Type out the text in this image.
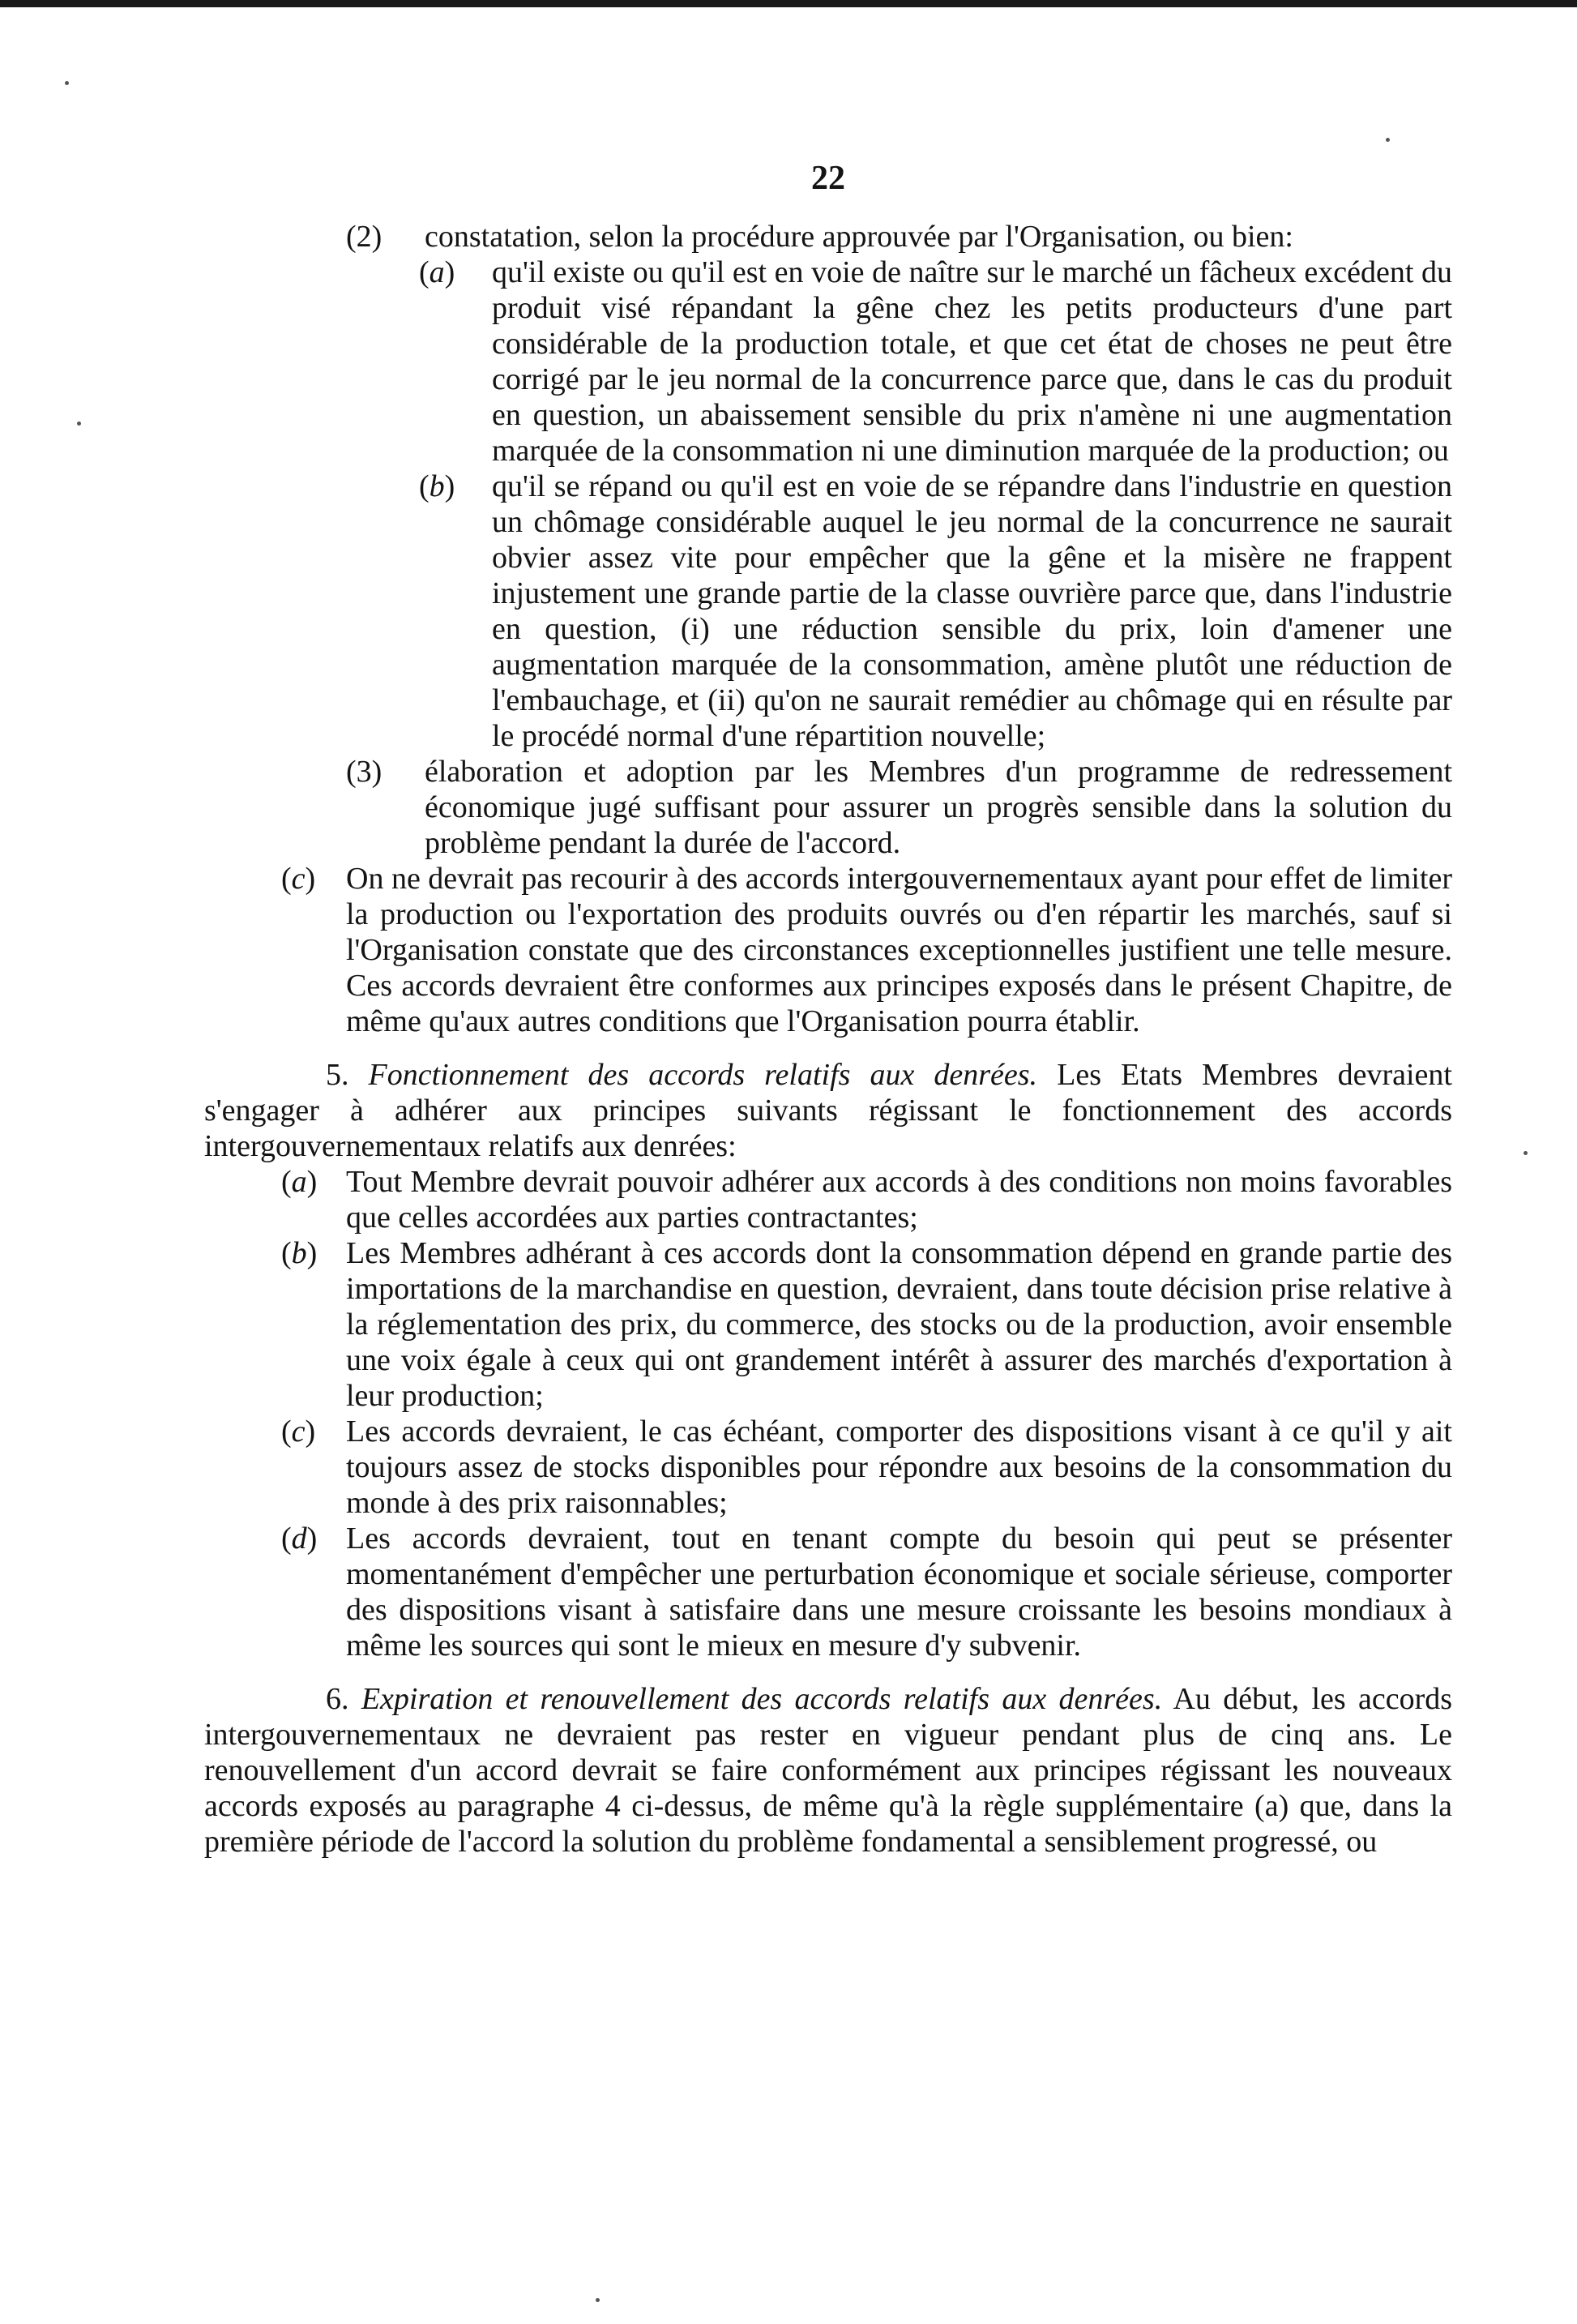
22
(2) constatation, selon la procédure approuvée par l'Organisation, ou bien:
(a) qu'il existe ou qu'il est en voie de naître sur le marché un fâcheux excédent du produit visé répandant la gêne chez les petits producteurs d'une part considérable de la production totale, et que cet état de choses ne peut être corrigé par le jeu normal de la concurrence parce que, dans le cas du produit en question, un abaissement sensible du prix n'amène ni une augmentation marquée de la consommation ni une diminution marquée de la production; ou
(b) qu'il se répand ou qu'il est en voie de se répandre dans l'industrie en question un chômage considérable auquel le jeu normal de la concurrence ne saurait obvier assez vite pour empêcher que la gêne et la misère ne frappent injustement une grande partie de la classe ouvrière parce que, dans l'industrie en question, (i) une réduction sensible du prix, loin d'amener une augmentation marquée de la consommation, amène plutôt une réduction de l'embauchage, et (ii) qu'on ne saurait remédier au chômage qui en résulte par le procédé normal d'une répartition nouvelle;
(3) élaboration et adoption par les Membres d'un programme de redressement économique jugé suffisant pour assurer un progrès sensible dans la solution du problème pendant la durée de l'accord.
(c) On ne devrait pas recourir à des accords intergouvernementaux ayant pour effet de limiter la production ou l'exportation des produits ouvrés ou d'en répartir les marchés, sauf si l'Organisation constate que des circonstances exceptionnelles justifient une telle mesure. Ces accords devraient être conformes aux principes exposés dans le présent Chapitre, de même qu'aux autres conditions que l'Organisation pourra établir.
5. Fonctionnement des accords relatifs aux denrées. Les Etats Membres devraient s'engager à adhérer aux principes suivants régissant le fonctionnement des accords intergouvernementaux relatifs aux denrées:
(a) Tout Membre devrait pouvoir adhérer aux accords à des conditions non moins favorables que celles accordées aux parties contractantes;
(b) Les Membres adhérant à ces accords dont la consommation dépend en grande partie des importations de la marchandise en question, devraient, dans toute décision prise relative à la réglementation des prix, du commerce, des stocks ou de la production, avoir ensemble une voix égale à ceux qui ont grandement intérêt à assurer des marchés d'exportation à leur production;
(c) Les accords devraient, le cas échéant, comporter des dispositions visant à ce qu'il y ait toujours assez de stocks disponibles pour répondre aux besoins de la consommation du monde à des prix raisonnables;
(d) Les accords devraient, tout en tenant compte du besoin qui peut se présenter momentanément d'empêcher une perturbation économique et sociale sérieuse, comporter des dispositions visant à satisfaire dans une mesure croissante les besoins mondiaux à même les sources qui sont le mieux en mesure d'y subvenir.
6. Expiration et renouvellement des accords relatifs aux denrées. Au début, les accords intergouvernementaux ne devraient pas rester en vigueur pendant plus de cinq ans. Le renouvellement d'un accord devrait se faire conformément aux principes régissant les nouveaux accords exposés au paragraphe 4 ci-dessus, de même qu'à la règle supplémentaire (a) que, dans la première période de l'accord la solution du problème fondamental a sensiblement progressé, ou
